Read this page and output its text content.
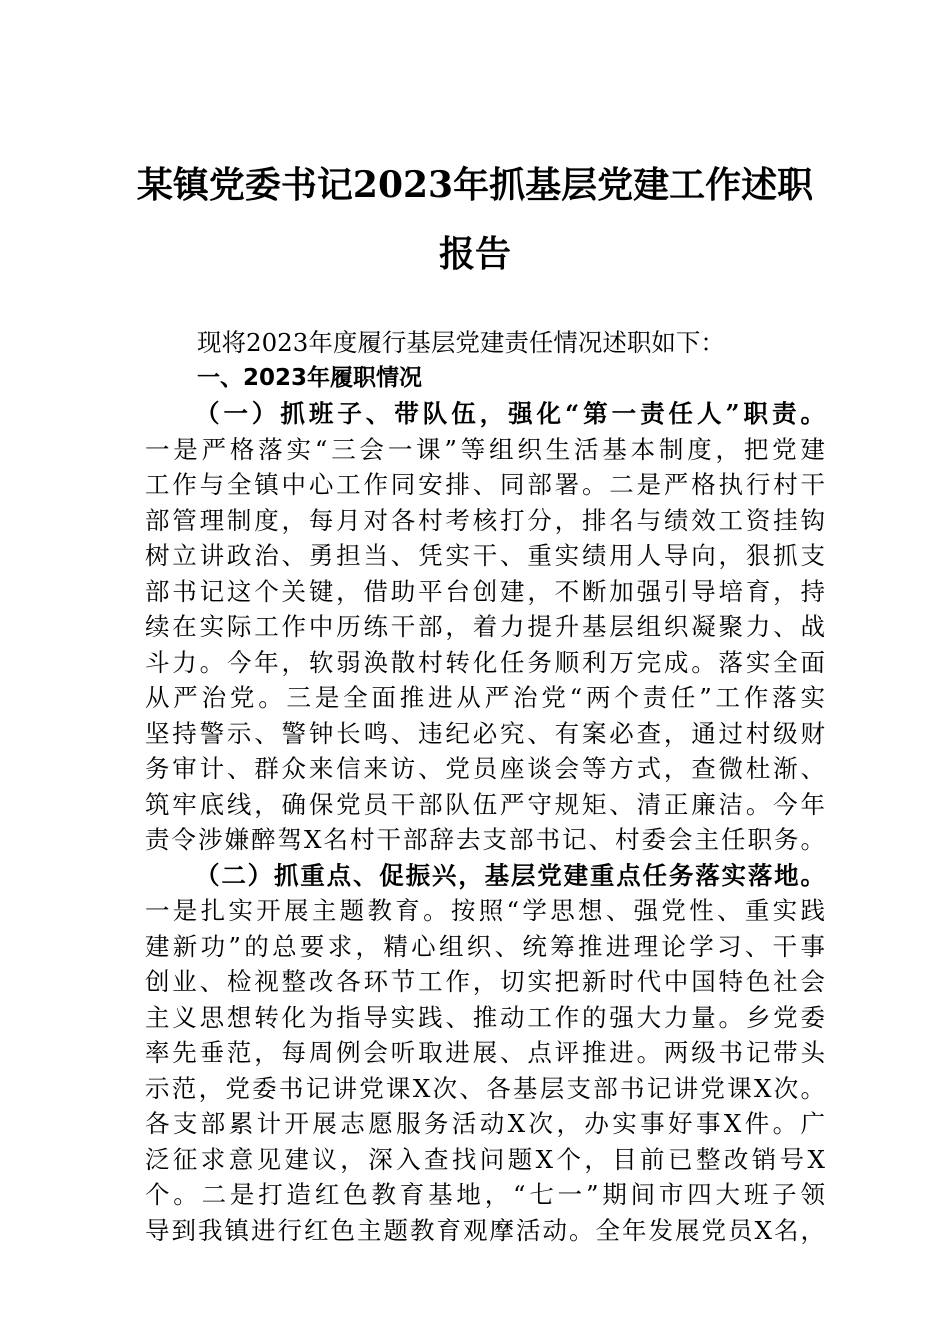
某镇党委书记2023年抓基层党建工作述职
报告
现将2023年度履行基层党建责任情况述职如下：
一、2023年履职情况
（一）抓班子、带队伍，强化“第一责任人”职责。
一是严格落实“三会一课”等组织生活基本制度，把党建
工作与全镇中心工作同安排、同部署。二是严格执行村干
部管理制度，每月对各村考核打分，排名与绩效工资挂钩
树立讲政治、勇担当、凭实干、重实绩用人导向，狠抓支
部书记这个关键，借助平台创建，不断加强引导培育，持
续在实际工作中历练干部，着力提升基层组织凝聚力、战
斗力。今年，软弱涣散村转化任务顺利万完成。落实全面
从严治党。三是全面推进从严治党“两个责任”工作落实
坚持警示、警钟长鸣、违纪必究、有案必查，通过村级财
务审计、群众来信来访、党员座谈会等方式，查微杜渐、
筑牢底线，确保党员干部队伍严守规矩、清正廉洁。今年
责令涉嫌醉驾X名村干部辞去支部书记、村委会主任职务。
（二）抓重点、促振兴，基层党建重点任务落实落地。
一是扎实开展主题教育。按照“学思想、强党性、重实践
建新功”的总要求，精心组织、统筹推进理论学习、干事
创业、检视整改各环节工作，切实把新时代中国特色社会
主义思想转化为指导实践、推动工作的强大力量。乡党委
率先垂范，每周例会听取进展、点评推进。两级书记带头
示范，党委书记讲党课X次、各基层支部书记讲党课X次。
各支部累计开展志愿服务活动X次，办实事好事X件。广
泛征求意见建议，深入查找问题X个，目前已整改销号X
个。二是打造红色教育基地，“七一”期间市四大班子领
导到我镇进行红色主题教育观摩活动。全年发展党员X名，
